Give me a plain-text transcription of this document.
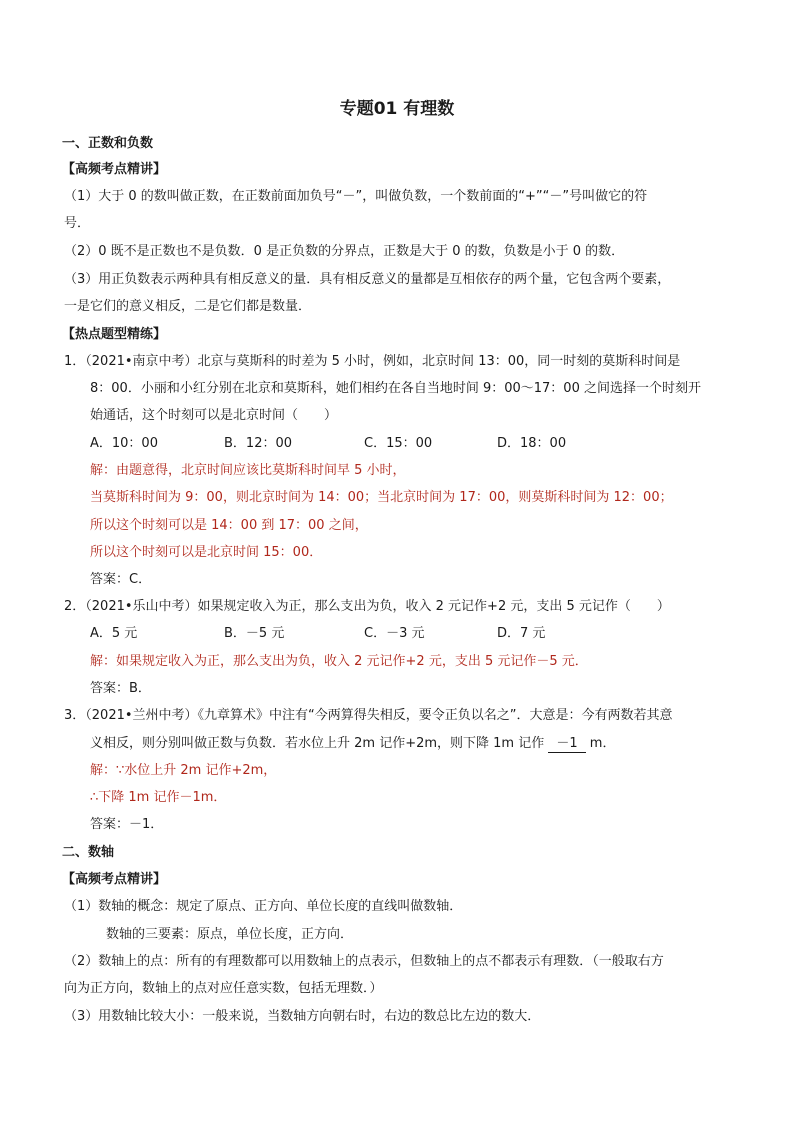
专题01 有理数
一、正数和负数
【高频考点精讲】
（1）大于 0 的数叫做正数，在正数前面加负号“－”，叫做负数，一个数前面的“+”“－”号叫做它的符
号．
（2）0 既不是正数也不是负数．0 是正负数的分界点，正数是大于 0 的数，负数是小于 0 的数．
（3）用正负数表示两种具有相反意义的量．具有相反意义的量都是互相依存的两个量，它包含两个要素，
一是它们的意义相反，二是它们都是数量．
【热点题型精练】
1．（2021•南京中考）北京与莫斯科的时差为 5 小时，例如，北京时间 13：00，同一时刻的莫斯科时间是
8：00．小丽和小红分别在北京和莫斯科，她们相约在各自当地时间 9：00～17：00 之间选择一个时刻开
始通话，这个时刻可以是北京时间（　　）
A．10：00	B．12：00	C．15：00	D．18：00
解：由题意得，北京时间应该比莫斯科时间早 5 小时，
当莫斯科时间为 9：00，则北京时间为 14：00；当北京时间为 17：00，则莫斯科时间为 12：00；
所以这个时刻可以是 14：00 到 17：00 之间，
所以这个时刻可以是北京时间 15：00．
答案：C．
2．（2021•乐山中考）如果规定收入为正，那么支出为负，收入 2 元记作+2 元，支出 5 元记作（　　）
A．5 元	B．－5 元	C．－3 元	D．7 元
解：如果规定收入为正，那么支出为负，收入 2 元记作+2 元，支出 5 元记作－5 元．
答案：B．
3．（2021•兰州中考）《九章算术》中注有“今两算得失相反，要令正负以名之”．大意是：今有两数若其意
义相反，则分别叫做正数与负数．若水位上升 2m 记作+2m，则下降 1m 记作 －1 m．
解：∵水位上升 2m 记作+2m，
∴下降 1m 记作－1m．
答案：－1．
二、数轴
【高频考点精讲】
（1）数轴的概念：规定了原点、正方向、单位长度的直线叫做数轴．
数轴的三要素：原点，单位长度，正方向．
（2）数轴上的点：所有的有理数都可以用数轴上的点表示，但数轴上的点不都表示有理数．（一般取右方
向为正方向，数轴上的点对应任意实数，包括无理数．）
（3）用数轴比较大小：一般来说，当数轴方向朝右时，右边的数总比左边的数大．
